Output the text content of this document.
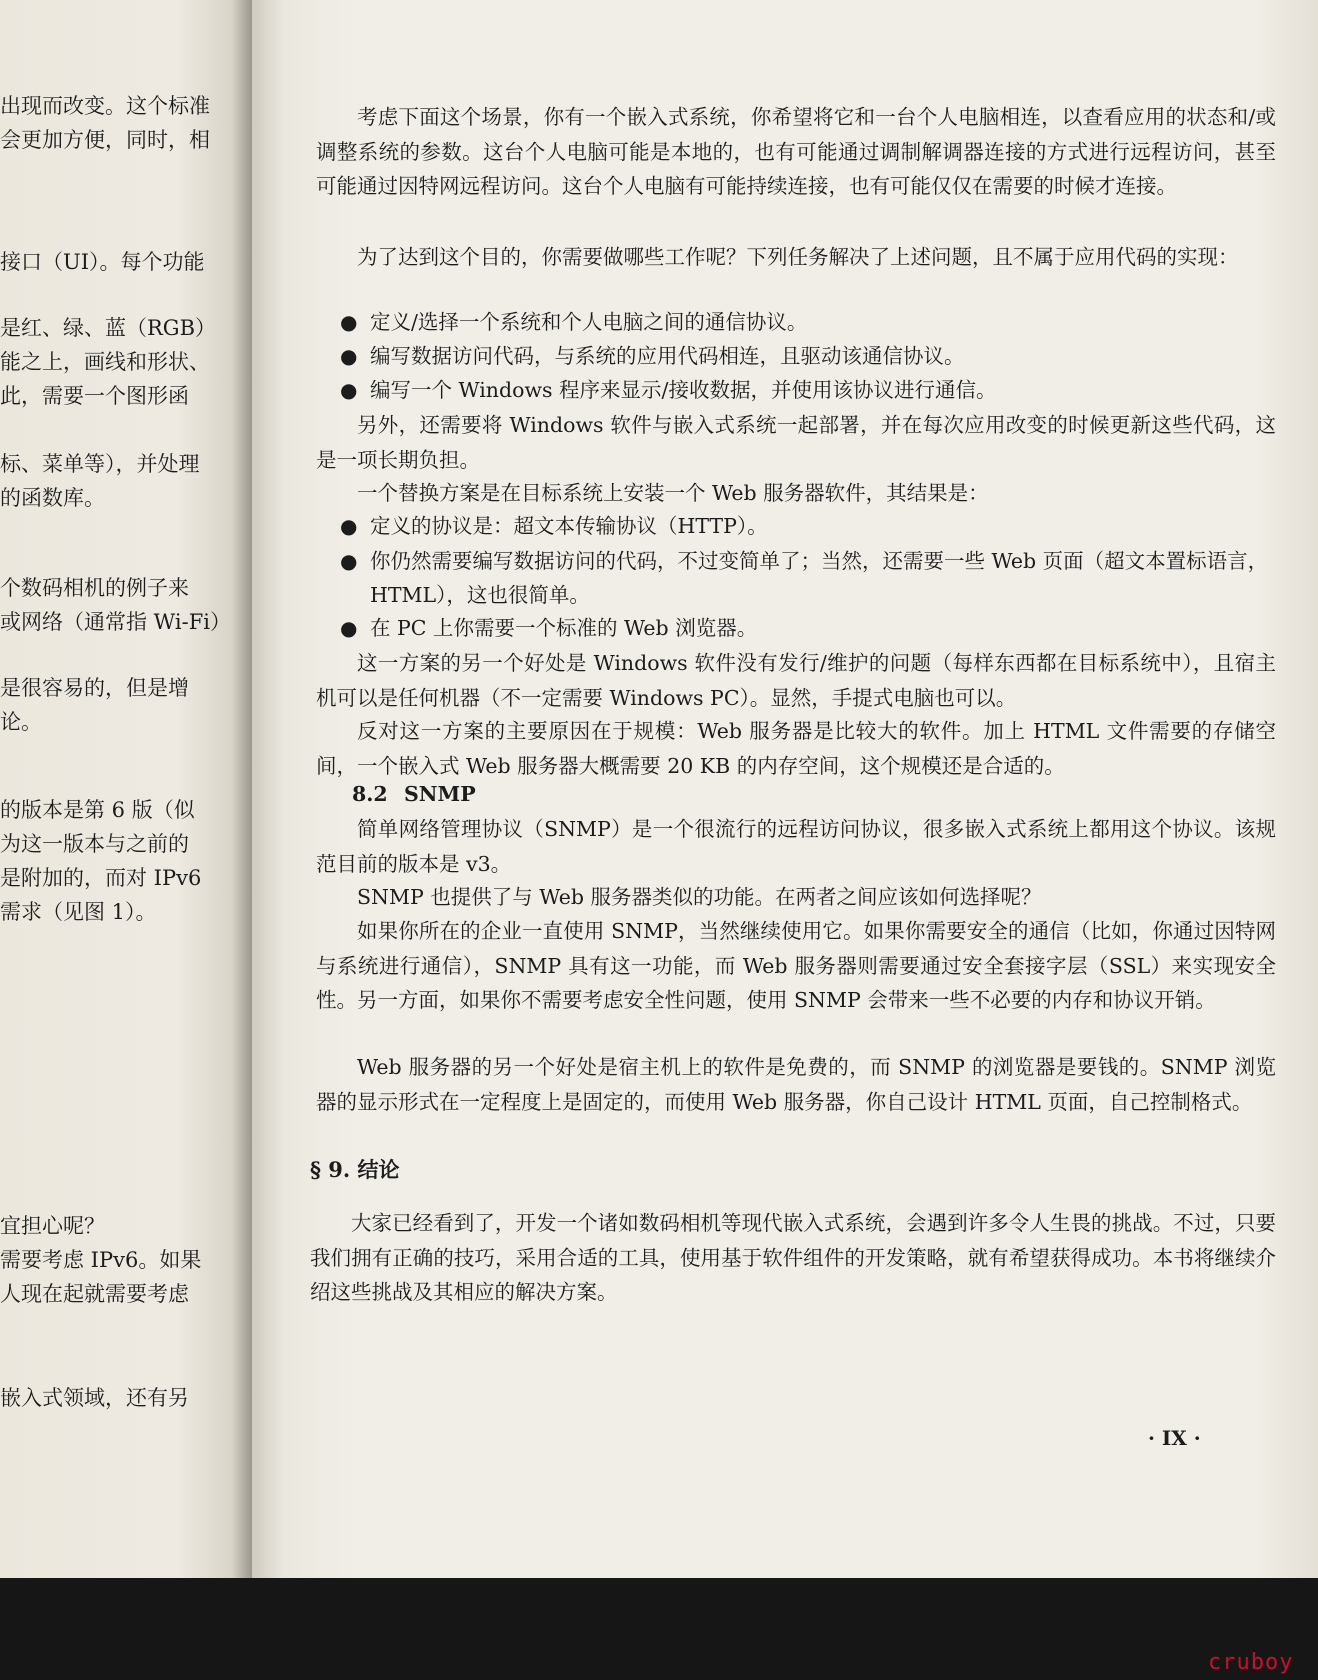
出现而改变。这个标准
会更加方便，同时，相
接口（UI）。每个功能
是红、绿、蓝（RGB）
能之上，画线和形状、
此，需要一个图形函
标、菜单等），并处理
的函数库。
个数码相机的例子来
或网络（通常指 Wi-Fi）
是很容易的，但是增
论。
的版本是第 6 版（似
为这一版本与之前的
是附加的，而对 IPv6
需求（见图 1）。
宜担心呢？
需要考虑 IPv6。如果
人现在起就需要考虑
嵌入式领域，还有另

考虑下面这个场景，你有一个嵌入式系统，你希望将它和一台个人电脑相连，以查看应用的状态和/或调整系统的参数。这台个人电脑可能是本地的，也有可能通过调制解调器连接的方式进行远程访问，甚至可能通过因特网远程访问。这台个人电脑有可能持续连接，也有可能仅仅在需要的时候才连接。

为了达到这个目的，你需要做哪些工作呢？下列任务解决了上述问题，且不属于应用代码的实现：

● 定义/选择一个系统和个人电脑之间的通信协议。

● 编写数据访问代码，与系统的应用代码相连，且驱动该通信协议。

● 编写一个 Windows 程序来显示/接收数据，并使用该协议进行通信。

另外，还需要将 Windows 软件与嵌入式系统一起部署，并在每次应用改变的时候更新这些代码，这是一项长期负担。

一个替换方案是在目标系统上安装一个 Web 服务器软件，其结果是：

● 定义的协议是：超文本传输协议（HTTP）。

● 你仍然需要编写数据访问的代码，不过变简单了；当然，还需要一些 Web 页面（超文本置标语言，HTML），这也很简单。

● 在 PC 上你需要一个标准的 Web 浏览器。

这一方案的另一个好处是 Windows 软件没有发行/维护的问题（每样东西都在目标系统中），且宿主机可以是任何机器（不一定需要 Windows PC）。显然，手提式电脑也可以。

反对这一方案的主要原因在于规模：Web 服务器是比较大的软件。加上 HTML 文件需要的存储空间，一个嵌入式 Web 服务器大概需要 20 KB 的内存空间，这个规模还是合适的。

8.2 SNMP

简单网络管理协议（SNMP）是一个很流行的远程访问协议，很多嵌入式系统上都用这个协议。该规范目前的版本是 v3。

SNMP 也提供了与 Web 服务器类似的功能。在两者之间应该如何选择呢？

如果你所在的企业一直使用 SNMP，当然继续使用它。如果你需要安全的通信（比如，你通过因特网与系统进行通信），SNMP 具有这一功能，而 Web 服务器则需要通过安全套接字层（SSL）来实现安全性。另一方面，如果你不需要考虑安全性问题，使用 SNMP 会带来一些不必要的内存和协议开销。

Web 服务器的另一个好处是宿主机上的软件是免费的，而 SNMP 的浏览器是要钱的。SNMP 浏览器的显示形式在一定程度上是固定的，而使用 Web 服务器，你自己设计 HTML 页面，自己控制格式。

§ 9. 结论

大家已经看到了，开发一个诸如数码相机等现代嵌入式系统，会遇到许多令人生畏的挑战。不过，只要我们拥有正确的技巧，采用合适的工具，使用基于软件组件的开发策略，就有希望获得成功。本书将继续介绍这些挑战及其相应的解决方案。

· IX ·
cruboy
